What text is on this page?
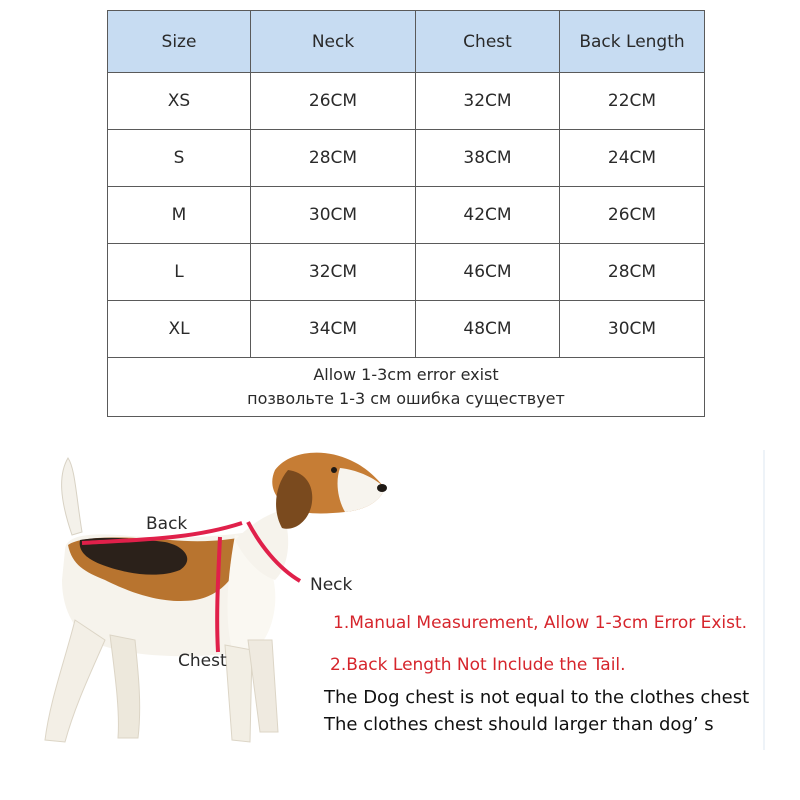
Size	Neck	Chest	Back Length
XS	26CM	32CM	22CM
S	28CM	38CM	24CM
M	30CM	42CM	26CM
L	32CM	46CM	28CM
XL	34CM	48CM	30CM

Allow 1-3cm error exist
позвольте 1-3 см ошибка существует			
Back
Neck
Chest
1.Manual Measurement, Allow 1-3cm Error Exist.
2.Back Length Not Include the Tail.
The Dog chest is not equal to the clothes chest
The clothes chest should larger than dog’ s
